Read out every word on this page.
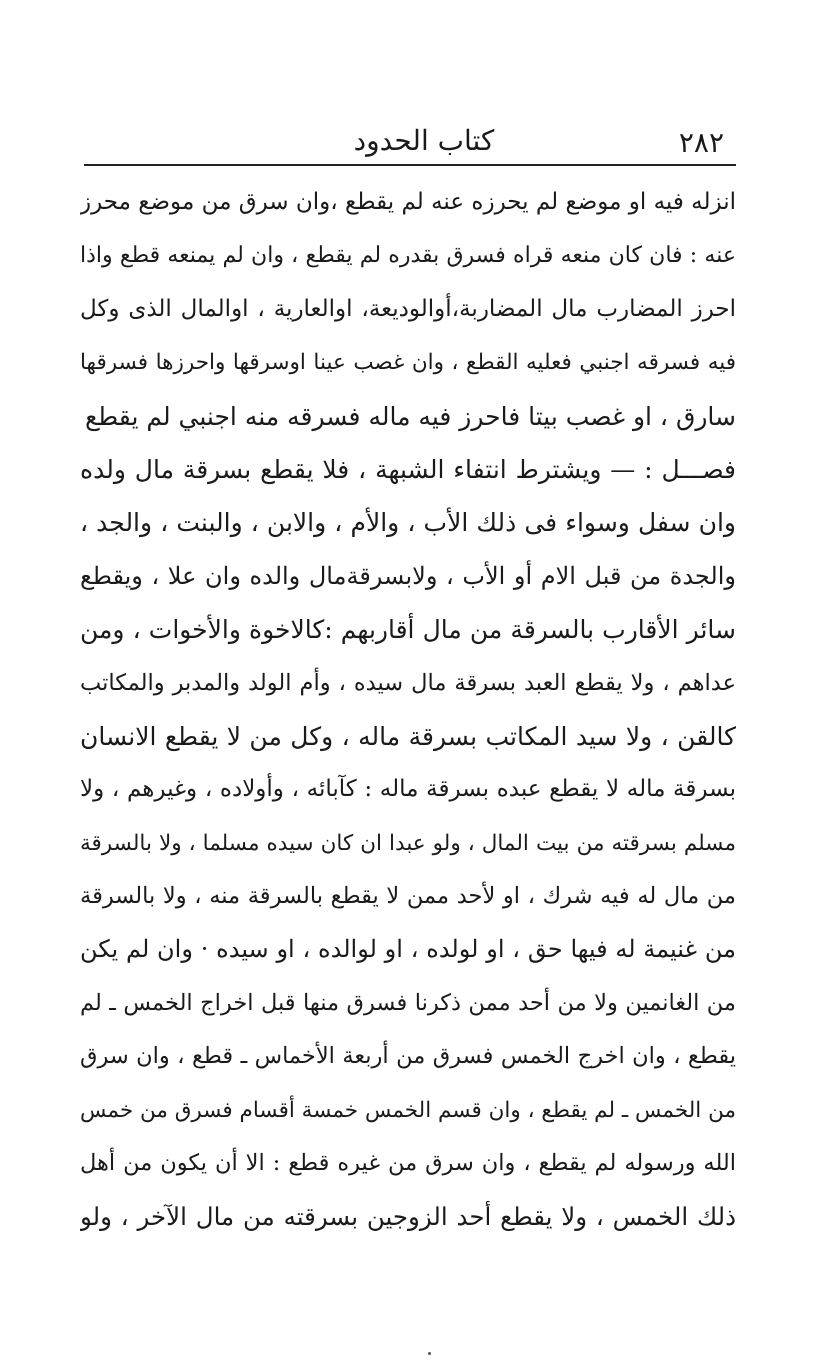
٢٨٢
كتاب الحدود
انزله فيه او موضع لم يحرزه عنه لم يقطع ،وان سرق من موضع محرز
عنه : فان كان منعه قراه فسرق بقدره لم يقطع ، وان لم يمنعه قطع واذا
احرز المضارب مال المضاربة،أوالوديعة، اوالعارية ، اوالمال الذى وكل
فيه فسرقه اجنبي فعليه القطع ، وان غصب عينا اوسرقها واحرزها فسرقها
سارق ، او غصب بيتا فاحرز فيه ماله فسرقه منه اجنبي لم يقطع
فصـــل : — ويشترط انتفاء الشبهة ، فلا يقطع بسرقة مال ولده
وان سفل وسواء فى ذلك الأب ، والأم ، والابن ، والبنت ، والجد ،
والجدة من قبل الام أو الأب ، ولابسرقةمال والده وان علا ، ويقطع
سائر الأقارب بالسرقة من مال أقاربهم :كالاخوة والأخوات ، ومن
عداهم ، ولا يقطع العبد بسرقة مال سيده ، وأم الولد والمدبر والمكاتب
كالقن ، ولا سيد المكاتب بسرقة ماله ، وكل من لا يقطع الانسان
بسرقة ماله لا يقطع عبده بسرقة ماله : كآبائه ، وأولاده ، وغيرهم ، ولا
مسلم بسرقته من بيت المال ، ولو عبدا ان كان سيده مسلما ، ولا بالسرقة
من مال له فيه شرك ، او لأحد ممن لا يقطع بالسرقة منه ، ولا بالسرقة
من غنيمة له فيها حق ، او لولده ، او لوالده ، او سيده · وان لم يكن
من الغانمين ولا من أحد ممن ذكرنا فسرق منها قبل اخراج الخمس ـ لم
يقطع ، وان اخرج الخمس فسرق من أربعة الأخماس ـ قطع ، وان سرق
من الخمس ـ لم يقطع ، وان قسم الخمس خمسة أقسام فسرق من خمس
الله ورسوله لم يقطع ، وان سرق من غيره قطع : الا أن يكون من أهل
ذلك الخمس ، ولا يقطع أحد الزوجين بسرقته من مال الآخر ، ولو
